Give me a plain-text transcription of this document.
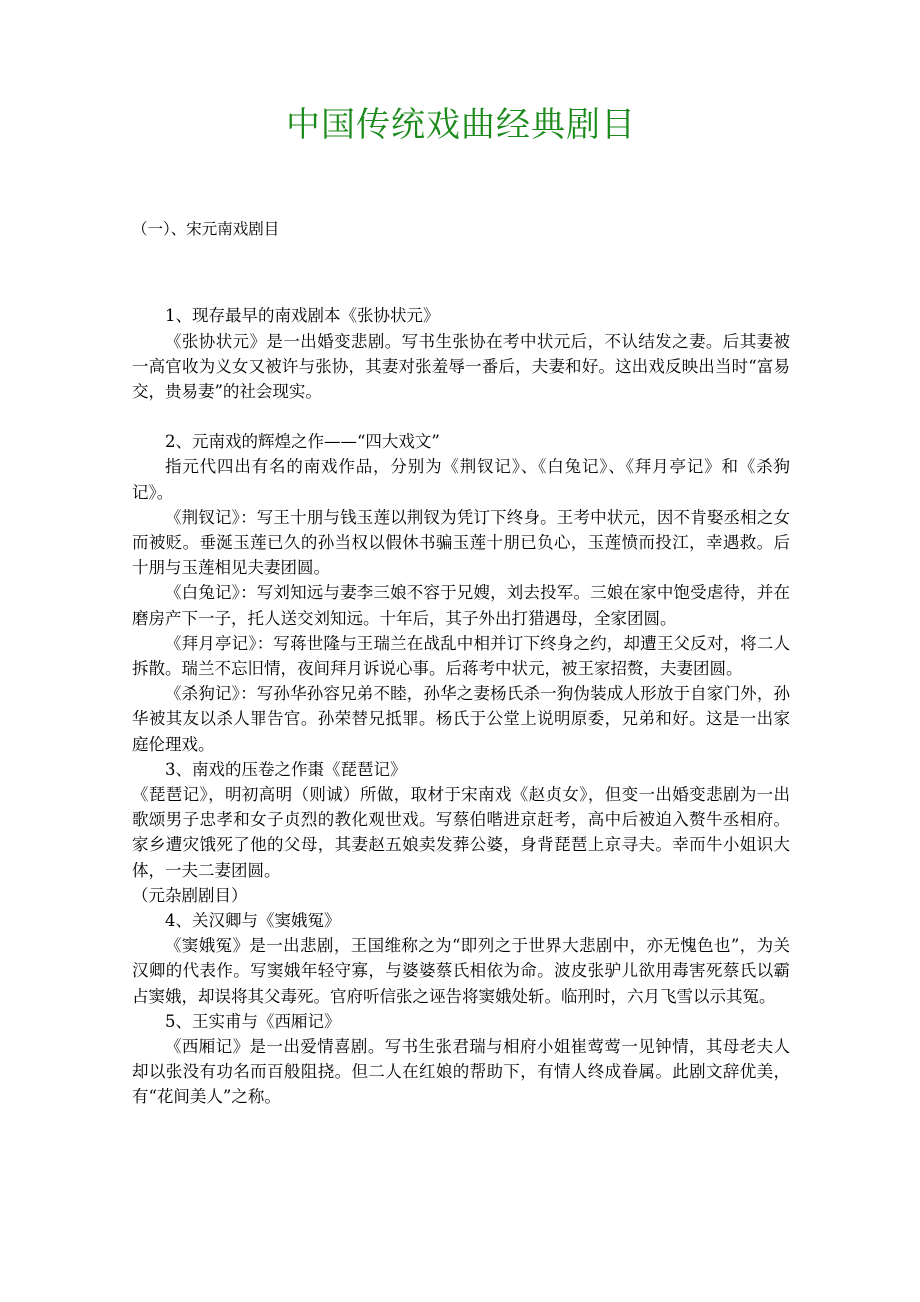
中国传统戏曲经典剧目
（一）、宋元南戏剧目

1、现存最早的南戏剧本《张协状元》

《张协状元》是一出婚变悲剧。写书生张协在考中状元后，不认结发之妻。后其妻被一高官收为义女又被许与张协，其妻对张羞辱一番后，夫妻和好。这出戏反映出当时“富易交，贵易妻”的社会现实。

2、元南戏的辉煌之作——“四大戏文”

指元代四出有名的南戏作品，分别为《荆钗记》、《白兔记》、《拜月亭记》和《杀狗记》。

《荆钗记》：写王十朋与钱玉莲以荆钗为凭订下终身。王考中状元，因不肯娶丞相之女而被贬。垂涎玉莲已久的孙当权以假休书骗玉莲十朋已负心，玉莲愤而投江，幸遇救。后十朋与玉莲相见夫妻团圆。

《白兔记》：写刘知远与妻李三娘不容于兄嫂，刘去投军。三娘在家中饱受虐待，并在磨房产下一子，托人送交刘知远。十年后，其子外出打猎遇母，全家团圆。

《拜月亭记》：写蒋世隆与王瑞兰在战乱中相并订下终身之约，却遭王父反对，将二人拆散。瑞兰不忘旧情，夜间拜月诉说心事。后蒋考中状元，被王家招赘，夫妻团圆。

《杀狗记》：写孙华孙容兄弟不睦，孙华之妻杨氏杀一狗伪装成人形放于自家门外，孙华被其友以杀人罪告官。孙荣替兄抵罪。杨氏于公堂上说明原委，兄弟和好。这是一出家庭伦理戏。

3、南戏的压卷之作棗《琵琶记》

《琵琶记》，明初高明（则诚）所做，取材于宋南戏《赵贞女》，但变一出婚变悲剧为一出歌颂男子忠孝和女子贞烈的教化观世戏。写蔡伯喈进京赶考，高中后被迫入赘牛丞相府。家乡遭灾饿死了他的父母，其妻赵五娘卖发葬公婆，身背琵琶上京寻夫。幸而牛小姐识大体，一夫二妻团圆。

（元杂剧剧目）

4、关汉卿与《窦娥冤》

《窦娥冤》是一出悲剧，王国维称之为“即列之于世界大悲剧中，亦无愧色也”，为关汉卿的代表作。写窦娥年轻守寡，与婆婆蔡氏相依为命。波皮张驴儿欲用毒害死蔡氏以霸占窦娥，却误将其父毒死。官府听信张之诬告将窦娥处斩。临刑时，六月飞雪以示其冤。

5、王实甫与《西厢记》

《西厢记》是一出爱情喜剧。写书生张君瑞与相府小姐崔莺莺一见钟情，其母老夫人却以张没有功名而百般阻挠。但二人在红娘的帮助下，有情人终成眷属。此剧文辞优美，有“花间美人”之称。
